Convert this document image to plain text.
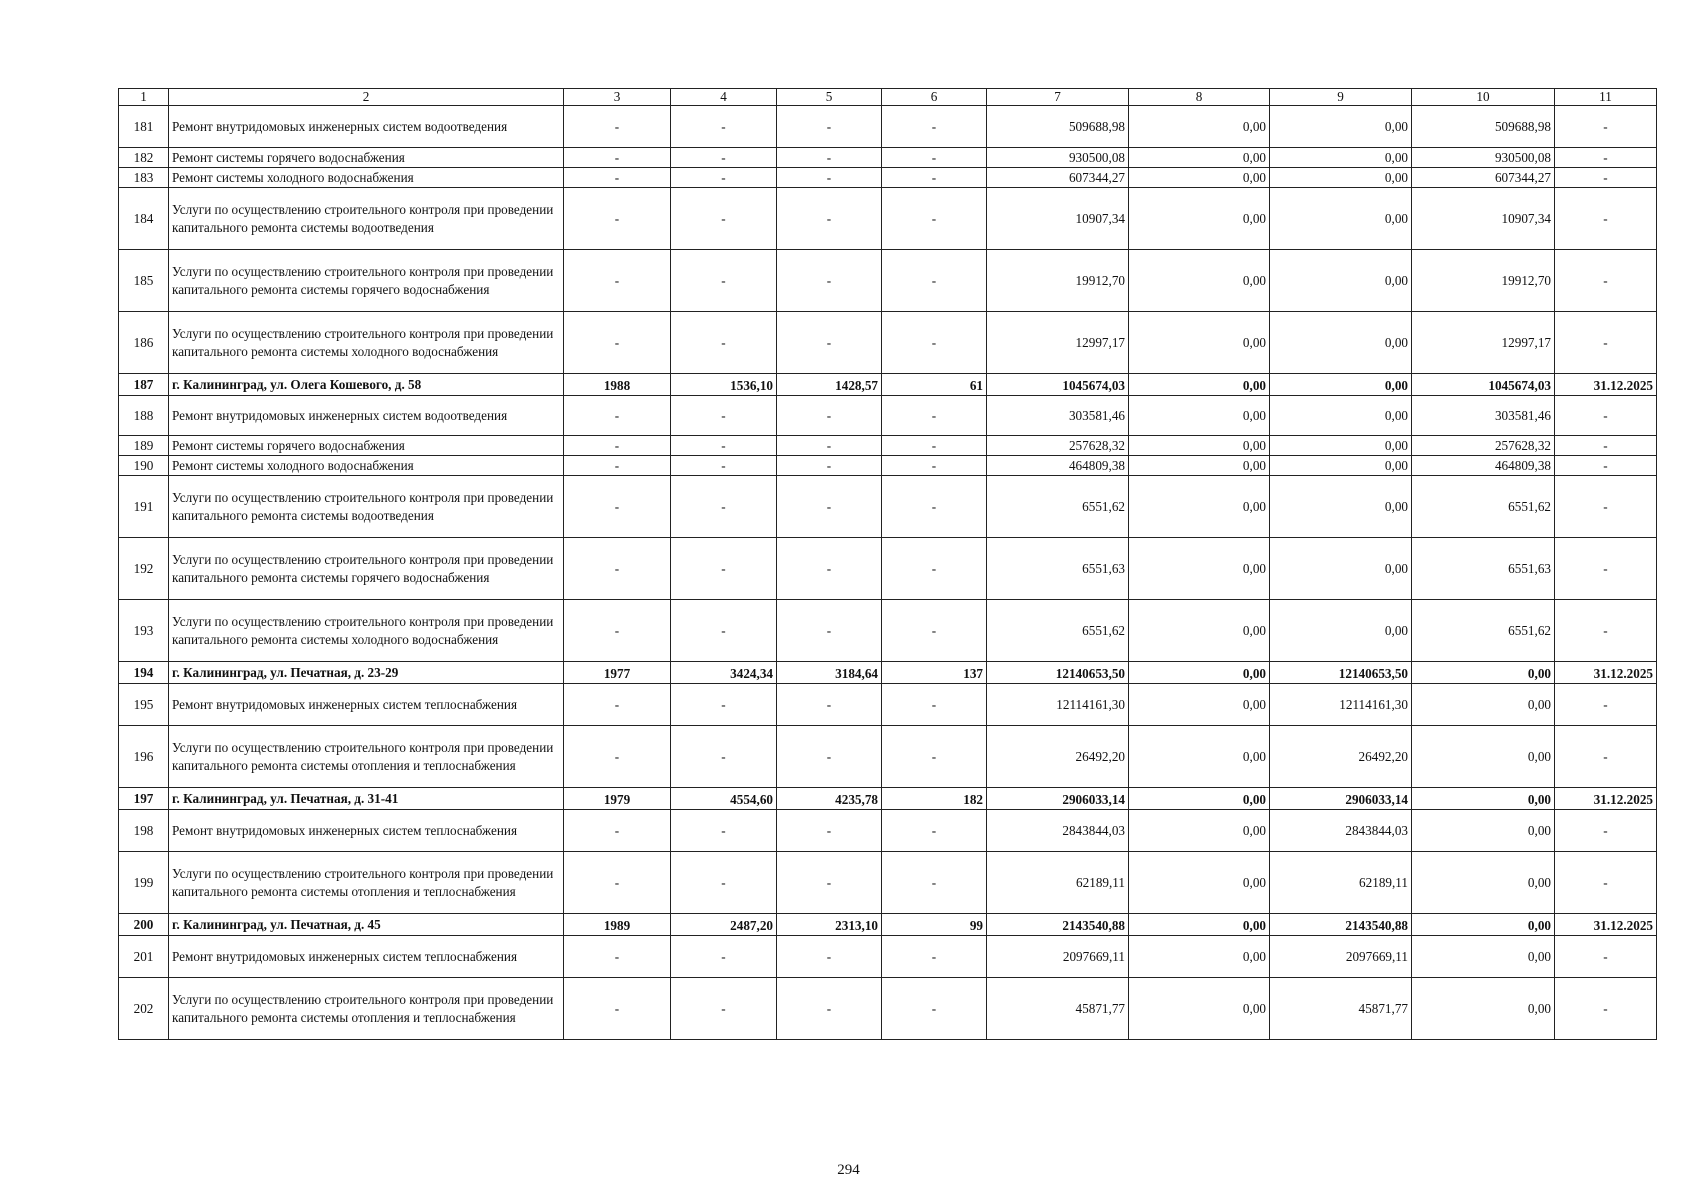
1	2	3	4	5	6	7	8	9	10	11
181	Ремонт внутридомовых инженерных систем водоотведения	-	-	-	-	509688,98	0,00	0,00	509688,98	-
182	Ремонт системы горячего водоснабжения	-	-	-	-	930500,08	0,00	0,00	930500,08	-
183	Ремонт системы холодного водоснабжения	-	-	-	-	607344,27	0,00	0,00	607344,27	-
184	Услуги по осуществлению строительного контроля при проведении капитального ремонта системы водоотведения	-	-	-	-	10907,34	0,00	0,00	10907,34	-
185	Услуги по осуществлению строительного контроля при проведении капитального ремонта системы горячего водоснабжения	-	-	-	-	19912,70	0,00	0,00	19912,70	-
186	Услуги по осуществлению строительного контроля при проведении капитального ремонта системы холодного водоснабжения	-	-	-	-	12997,17	0,00	0,00	12997,17	-
187	г. Калининград, ул. Олега Кошевого, д. 58	1988	1536,10	1428,57	61	1045674,03	0,00	0,00	1045674,03	31.12.2025
188	Ремонт внутридомовых инженерных систем водоотведения	-	-	-	-	303581,46	0,00	0,00	303581,46	-
189	Ремонт системы горячего водоснабжения	-	-	-	-	257628,32	0,00	0,00	257628,32	-
190	Ремонт системы холодного водоснабжения	-	-	-	-	464809,38	0,00	0,00	464809,38	-
191	Услуги по осуществлению строительного контроля при проведении капитального ремонта системы водоотведения	-	-	-	-	6551,62	0,00	0,00	6551,62	-
192	Услуги по осуществлению строительного контроля при проведении капитального ремонта системы горячего водоснабжения	-	-	-	-	6551,63	0,00	0,00	6551,63	-
193	Услуги по осуществлению строительного контроля при проведении капитального ремонта системы холодного водоснабжения	-	-	-	-	6551,62	0,00	0,00	6551,62	-
194	г. Калининград, ул. Печатная, д. 23-29	1977	3424,34	3184,64	137	12140653,50	0,00	12140653,50	0,00	31.12.2025
195	Ремонт внутридомовых инженерных систем теплоснабжения	-	-	-	-	12114161,30	0,00	12114161,30	0,00	-
196	Услуги по осуществлению строительного контроля при проведении капитального ремонта системы отопления и теплоснабжения	-	-	-	-	26492,20	0,00	26492,20	0,00	-
197	г. Калининград, ул. Печатная, д. 31-41	1979	4554,60	4235,78	182	2906033,14	0,00	2906033,14	0,00	31.12.2025
198	Ремонт внутридомовых инженерных систем теплоснабжения	-	-	-	-	2843844,03	0,00	2843844,03	0,00	-
199	Услуги по осуществлению строительного контроля при проведении капитального ремонта системы отопления и теплоснабжения	-	-	-	-	62189,11	0,00	62189,11	0,00	-
200	г. Калининград, ул. Печатная, д. 45	1989	2487,20	2313,10	99	2143540,88	0,00	2143540,88	0,00	31.12.2025
201	Ремонт внутридомовых инженерных систем теплоснабжения	-	-	-	-	2097669,11	0,00	2097669,11	0,00	-
202	Услуги по осуществлению строительного контроля при проведении капитального ремонта системы отопления и теплоснабжения	-	-	-	-	45871,77	0,00	45871,77	0,00	-
294
